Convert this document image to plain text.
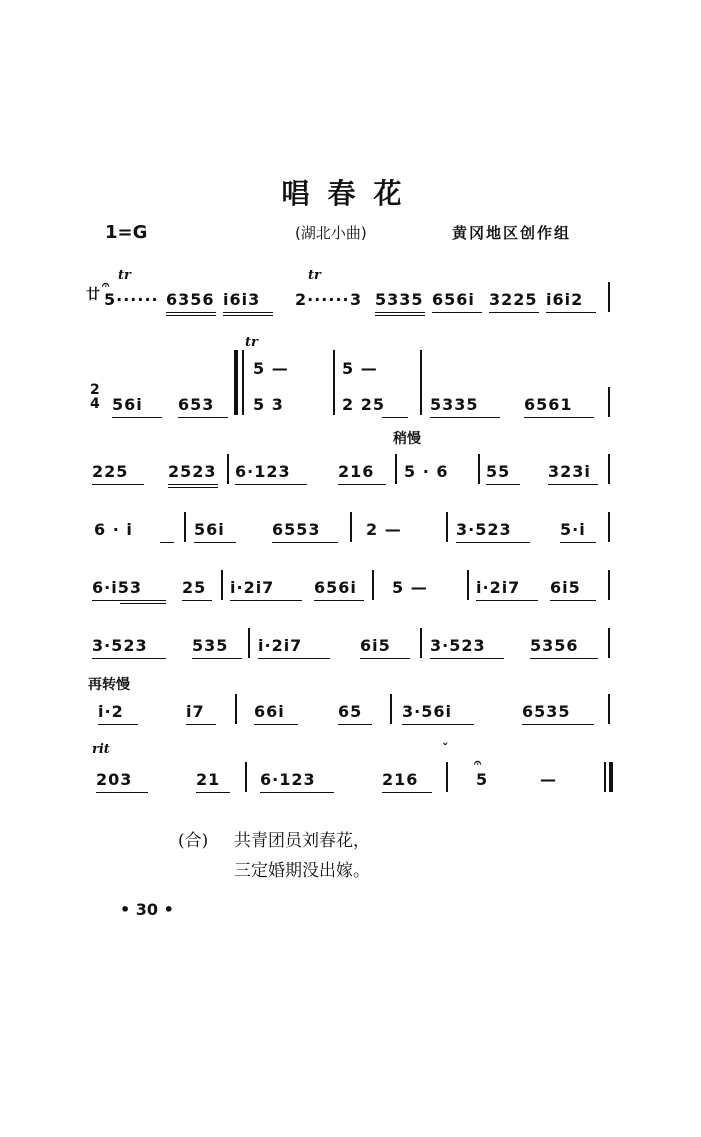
唱春花
1=G	(湖北小曲)	黄冈地区创作组
廿
tr
𝄐
5······ 6356 i6i3
tr
2······ 3 5335 656i 3225 i6i2
2
4 56i 653
tr
5 —
5 3
5 —
2 25	5335	6561
稍慢
225 2523 6·123	216 5 · 6 55 323i
6 · i	56i	6553	2 —	3·523	5·i
6·i53	25 i·2i7 656i 5 —	i·2i7 6i5
3·523	535 i·2i7	6i5 3·523	5356
再转慢
i·2	i7	66i	65 3·56i	6535
rit
203	21 6·123	216
ˇ
𝄐
5	—
(合) 共青团员刘春花，
三定婚期没出嫁。
• 30 •
